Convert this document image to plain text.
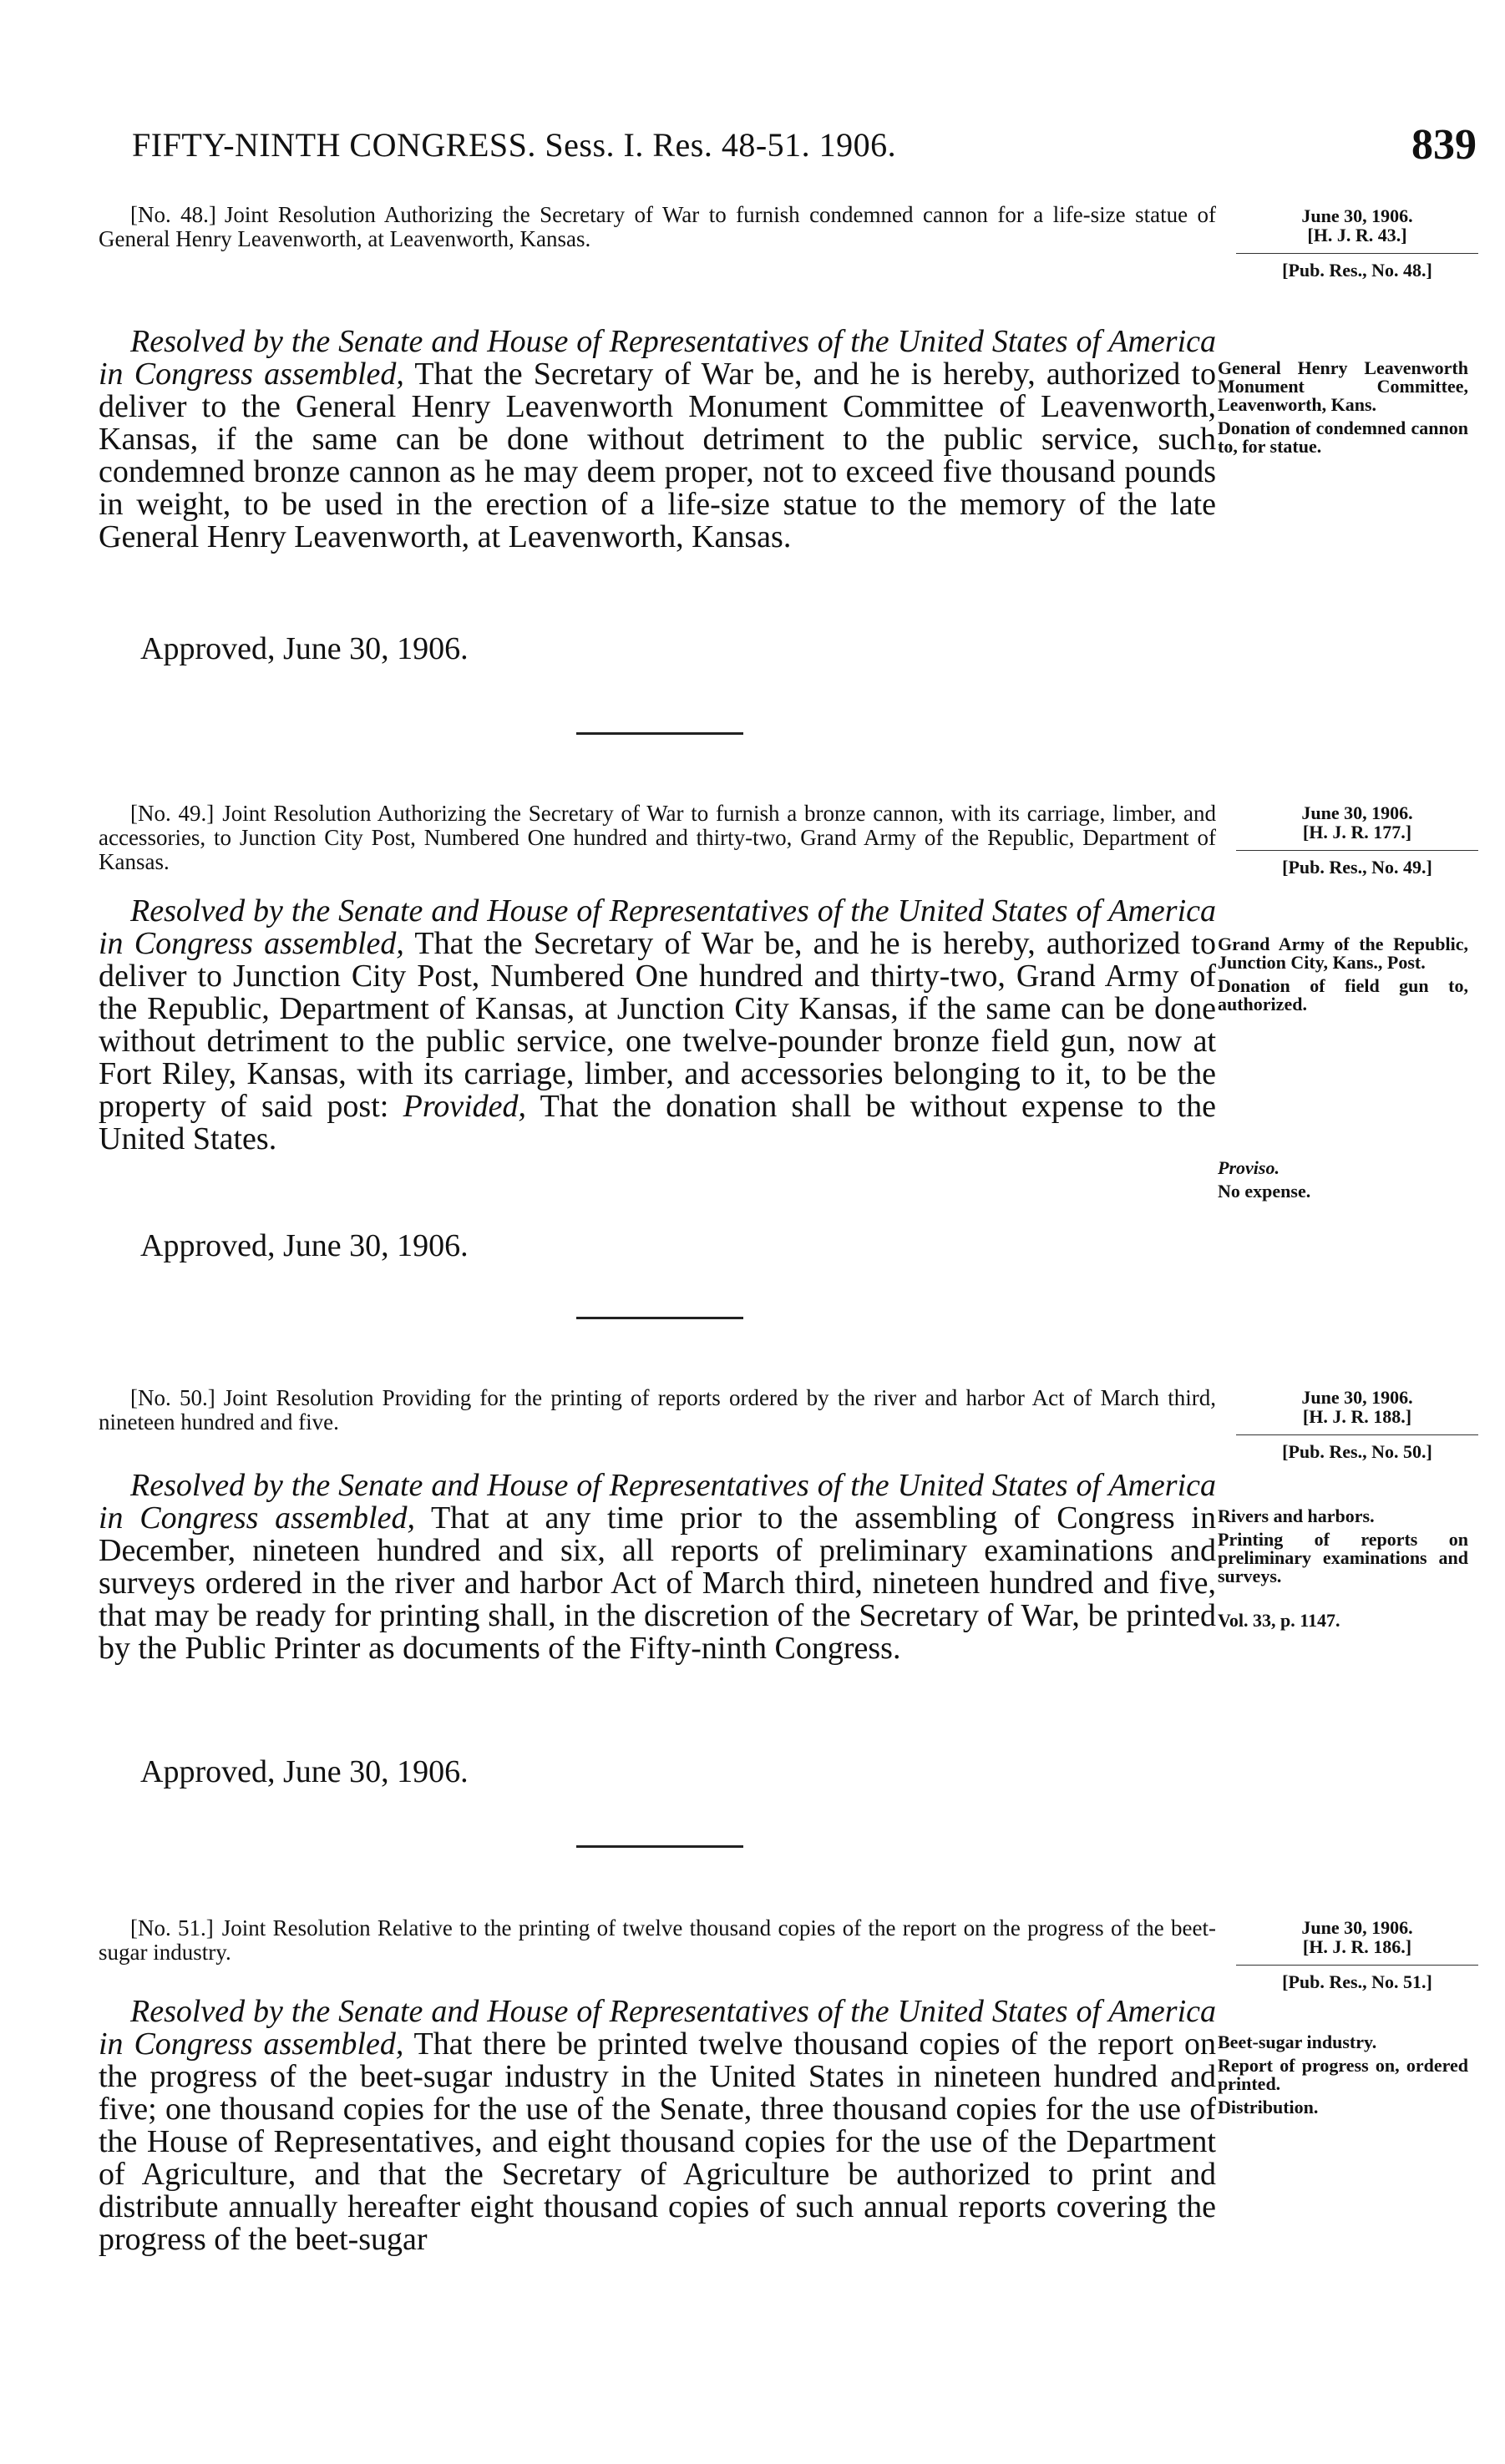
FIFTY-NINTH CONGRESS. Sess. I. Res. 48-51. 1906.	839
[No. 48.] Joint Resolution Authorizing the Secretary of War to furnish condemned cannon for a life-size statue of General Henry Leavenworth, at Leavenworth, Kansas.
June 30, 1906.
[H. J. R. 43.]
[Pub. Res., No. 48.]
Resolved by the Senate and House of Representatives of the United States of America in Congress assembled, That the Secretary of War be, and he is hereby, authorized to deliver to the General Henry Leavenworth Monument Committee of Leavenworth, Kansas, if the same can be done without detriment to the public service, such condemned bronze cannon as he may deem proper, not to exceed five thousand pounds in weight, to be used in the erection of a life-size statue to the memory of the late General Henry Leavenworth, at Leavenworth, Kansas.
Approved, June 30, 1906.

General Henry Leavenworth Monument Committee, Leavenworth, Kans.

Donation of condemned cannon to, for statue.

[No. 49.] Joint Resolution Authorizing the Secretary of War to furnish a bronze cannon, with its carriage, limber, and accessories, to Junction City Post, Numbered One hundred and thirty-two, Grand Army of the Republic, Department of Kansas.
June 30, 1906.
[H. J. R. 177.]
[Pub. Res., No. 49.]
Resolved by the Senate and House of Representatives of the United States of America in Congress assembled, That the Secretary of War be, and he is hereby, authorized to deliver to Junction City Post, Numbered One hundred and thirty-two, Grand Army of the Republic, Department of Kansas, at Junction City Kansas, if the same can be done without detriment to the public service, one twelve-pounder bronze field gun, now at Fort Riley, Kansas, with its carriage, limber, and accessories belonging to it, to be the property of said post: Provided, That the donation shall be without expense to the United States.
Approved, June 30, 1906.

Grand Army of the Republic, Junction City, Kans., Post.

Donation of field gun to, authorized.

Proviso.

No expense.

[No. 50.] Joint Resolution Providing for the printing of reports ordered by the river and harbor Act of March third, nineteen hundred and five.
June 30, 1906.
[H. J. R. 188.]
[Pub. Res., No. 50.]
Resolved by the Senate and House of Representatives of the United States of America in Congress assembled, That at any time prior to the assembling of Congress in December, nineteen hundred and six, all reports of preliminary examinations and surveys ordered in the river and harbor Act of March third, nineteen hundred and five, that may be ready for printing shall, in the discretion of the Secretary of War, be printed by the Public Printer as documents of the Fifty-ninth Congress.
Approved, June 30, 1906.

Rivers and harbors.

Printing of reports on preliminary examinations and surveys.

Vol. 33, p. 1147.

[No. 51.] Joint Resolution Relative to the printing of twelve thousand copies of the report on the progress of the beet-sugar industry.
June 30, 1906.
[H. J. R. 186.]
[Pub. Res., No. 51.]
Resolved by the Senate and House of Representatives of the United States of America in Congress assembled, That there be printed twelve thousand copies of the report on the progress of the beet-sugar industry in the United States in nineteen hundred and five; one thousand copies for the use of the Senate, three thousand copies for the use of the House of Representatives, and eight thousand copies for the use of the Department of Agriculture, and that the Secretary of Agriculture be authorized to print and distribute annually hereafter eight thousand copies of such annual reports covering the progress of the beet-sugar

Beet-sugar industry.

Report of progress on, ordered printed.

Distribution.
